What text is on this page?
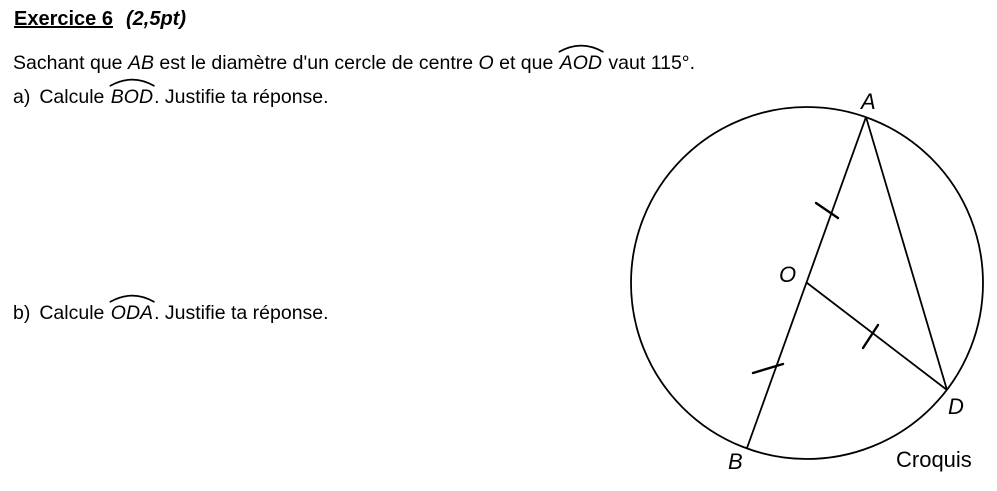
Exercice 6 (2,5pt)

Sachant que AB est le diamètre d'un cercle de centre O et que
AOD vaut 115°.

a) Calcule
BOD. Justifie ta réponse.

b) Calcule
ODA. Justifie ta réponse.

A
B
O
D
Croquis
